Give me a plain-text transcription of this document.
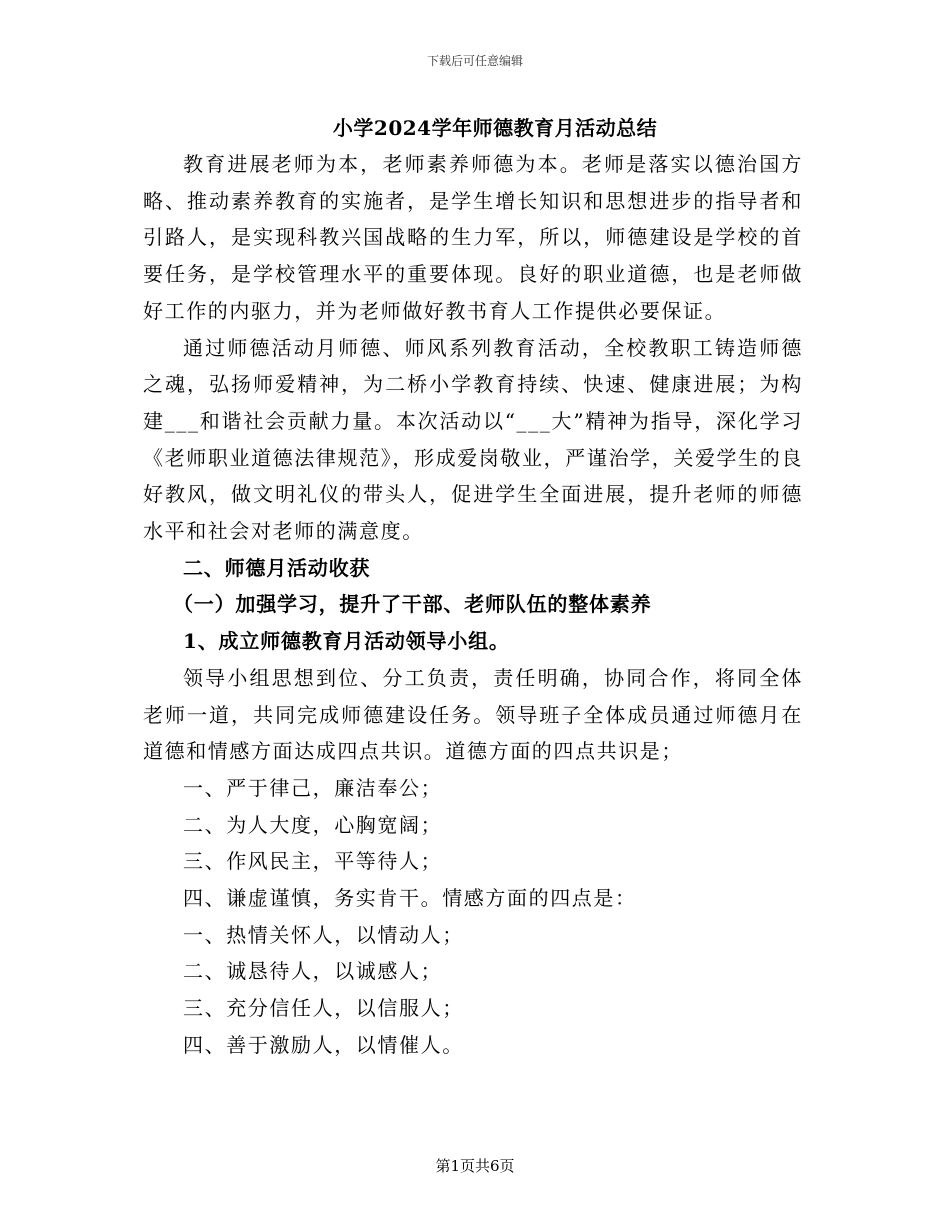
下载后可任意编辑
小学2024学年师德教育月活动总结

教育进展老师为本，老师素养师德为本。老师是落实以德治国方略、推动素养教育的实施者，是学生增长知识和思想进步的指导者和引路人，是实现科教兴国战略的生力军，所以，师德建设是学校的首要任务，是学校管理水平的重要体现。良好的职业道德，也是老师做好工作的内驱力，并为老师做好教书育人工作提供必要保证。

通过师德活动月师德、师风系列教育活动，全校教职工铸造师德之魂，弘扬师爱精神，为二桥小学教育持续、快速、健康进展；为构建___和谐社会贡献力量。本次活动以“___大”精神为指导，深化学习《老师职业道德法律规范》，形成爱岗敬业，严谨治学，关爱学生的良好教风，做文明礼仪的带头人，促进学生全面进展，提升老师的师德水平和社会对老师的满意度。

二、师德月活动收获

（一）加强学习，提升了干部、老师队伍的整体素养

1、成立师德教育月活动领导小组。

领导小组思想到位、分工负责，责任明确，协同合作，将同全体老师一道，共同完成师德建设任务。领导班子全体成员通过师德月在道德和情感方面达成四点共识。道德方面的四点共识是；

一、严于律己，廉洁奉公；

二、为人大度，心胸宽阔；

三、作风民主，平等待人；

四、谦虚谨慎，务实肯干。情感方面的四点是：

一、热情关怀人，以情动人；

二、诚恳待人，以诚感人；

三、充分信任人，以信服人；

四、善于激励人，以情催人。

第1页共6页
